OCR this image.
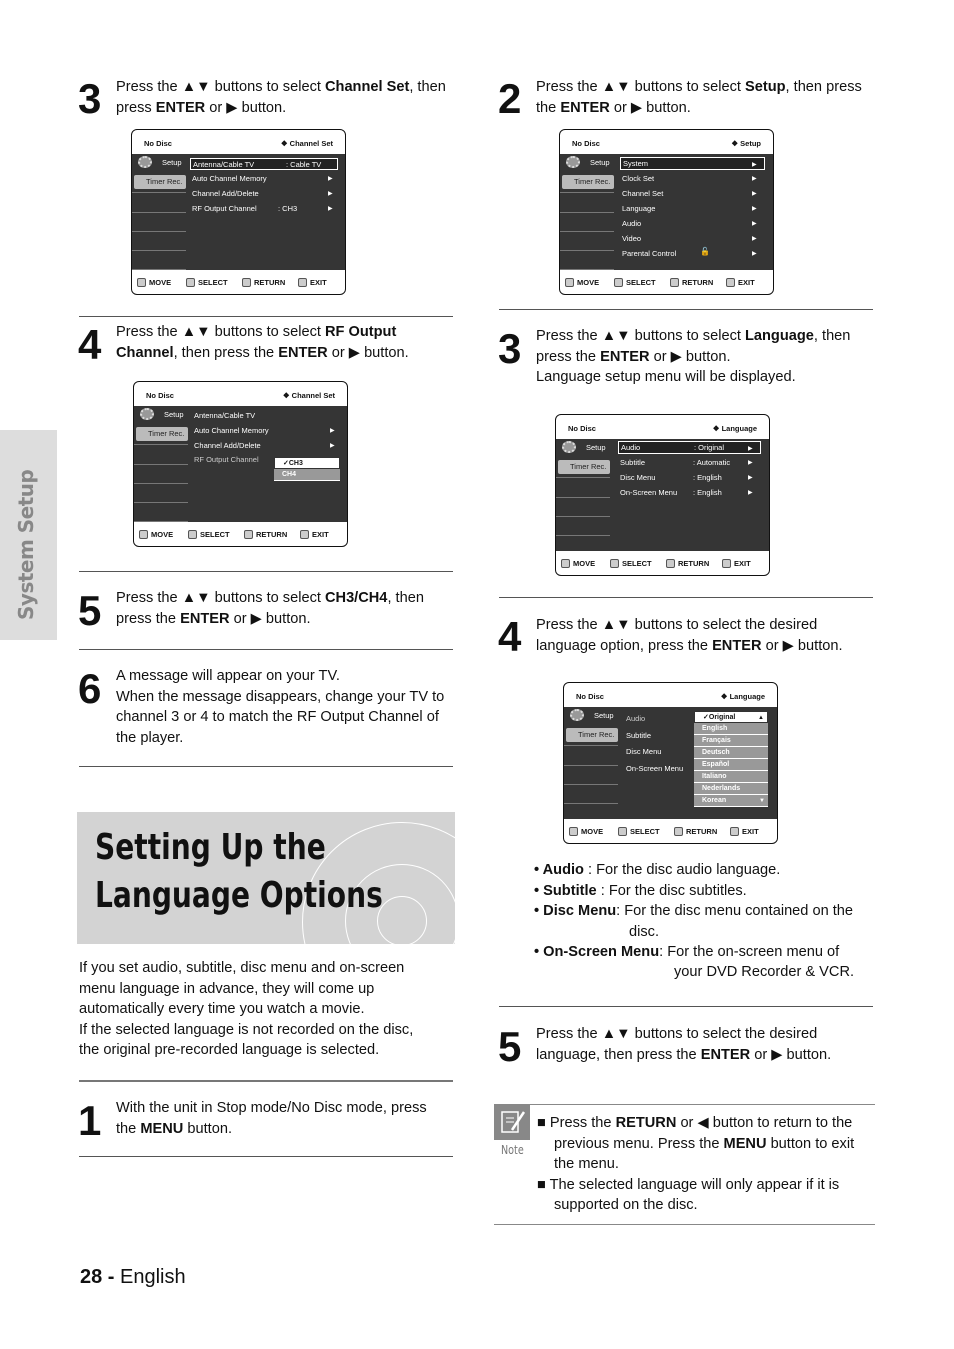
System Setup
3 Press the ▲▼ buttons to select Channel Set, then
press ENTER or ▶ button.
No Disc	❖ Channel Set
Setup
Timer Rec.
Antenna/Cable TV	: Cable TV
Auto Channel Memory
Channel Add/Delete
RF Output Channel	: CH3
▶
▶
▶
MOVE	SELECT	RETURN	EXIT
4 Press the ▲▼ buttons to select RF Output
Channel, then press the ENTER or ▶ button.
No Disc	❖ Channel Set
Setup
Timer Rec.
Antenna/Cable TV
Auto Channel Memory
Channel Add/Delete
RF Output Channel
▶
▶
✓CH3
CH4
MOVE	SELECT	RETURN	EXIT
5 Press the ▲▼ buttons to select CH3/CH4, then
press the ENTER or ▶ button.
6 A message will appear on your TV.
When the message disappears, change your TV to
channel 3 or 4 to match the RF Output Channel of
the player.
Setting Up the
Language Options
If you set audio, subtitle, disc menu and on-screen
menu language in advance, they will come up
automatically every time you watch a movie.
If the selected language is not recorded on the disc,
the original pre-recorded language is selected.
1 With the unit in Stop mode/No Disc mode, press
the MENU button.
2 Press the ▲▼ buttons to select Setup, then press
the ENTER or ▶ button.
No Disc	❖ Setup
Setup
Timer Rec.
System
Clock Set
Channel Set
Language
Audio
Video
Parental Control	🔓
▶
▶
▶
▶
▶
▶
▶
MOVE	SELECT	RETURN	EXIT
3 Press the ▲▼ buttons to select Language, then
press the ENTER or ▶ button.
Language setup menu will be displayed.
No Disc	❖ Language
Setup
Timer Rec.
Audio	: Original
Subtitle	: Automatic
Disc Menu	: English
On-Screen Menu : English
▶
▶
▶
▶
MOVE	SELECT	RETURN	EXIT
4 Press the ▲▼ buttons to select the desired
language option, press the ENTER or ▶ button.
No Disc	❖ Language
Setup
Timer Rec.
Audio
Subtitle
Disc Menu
On-Screen Menu
✓Original	▲
English
Français
Deutsch
Español
Italiano
Nederlands
Korean	▼
MOVE	SELECT	RETURN	EXIT
• Audio : For the disc audio language.
• Subtitle : For the disc subtitles.
• Disc Menu: For the disc menu contained on the
disc.
• On-Screen Menu: For the on-screen menu of
your DVD Recorder & VCR.
5 Press the ▲▼ buttons to select the desired
language, then press the ENTER or ▶ button.
Note
■ Press the RETURN or ◀ button to return to the
previous menu. Press the MENU button to exit
the menu.
■ The selected language will only appear if it is
supported on the disc.
28 - English
